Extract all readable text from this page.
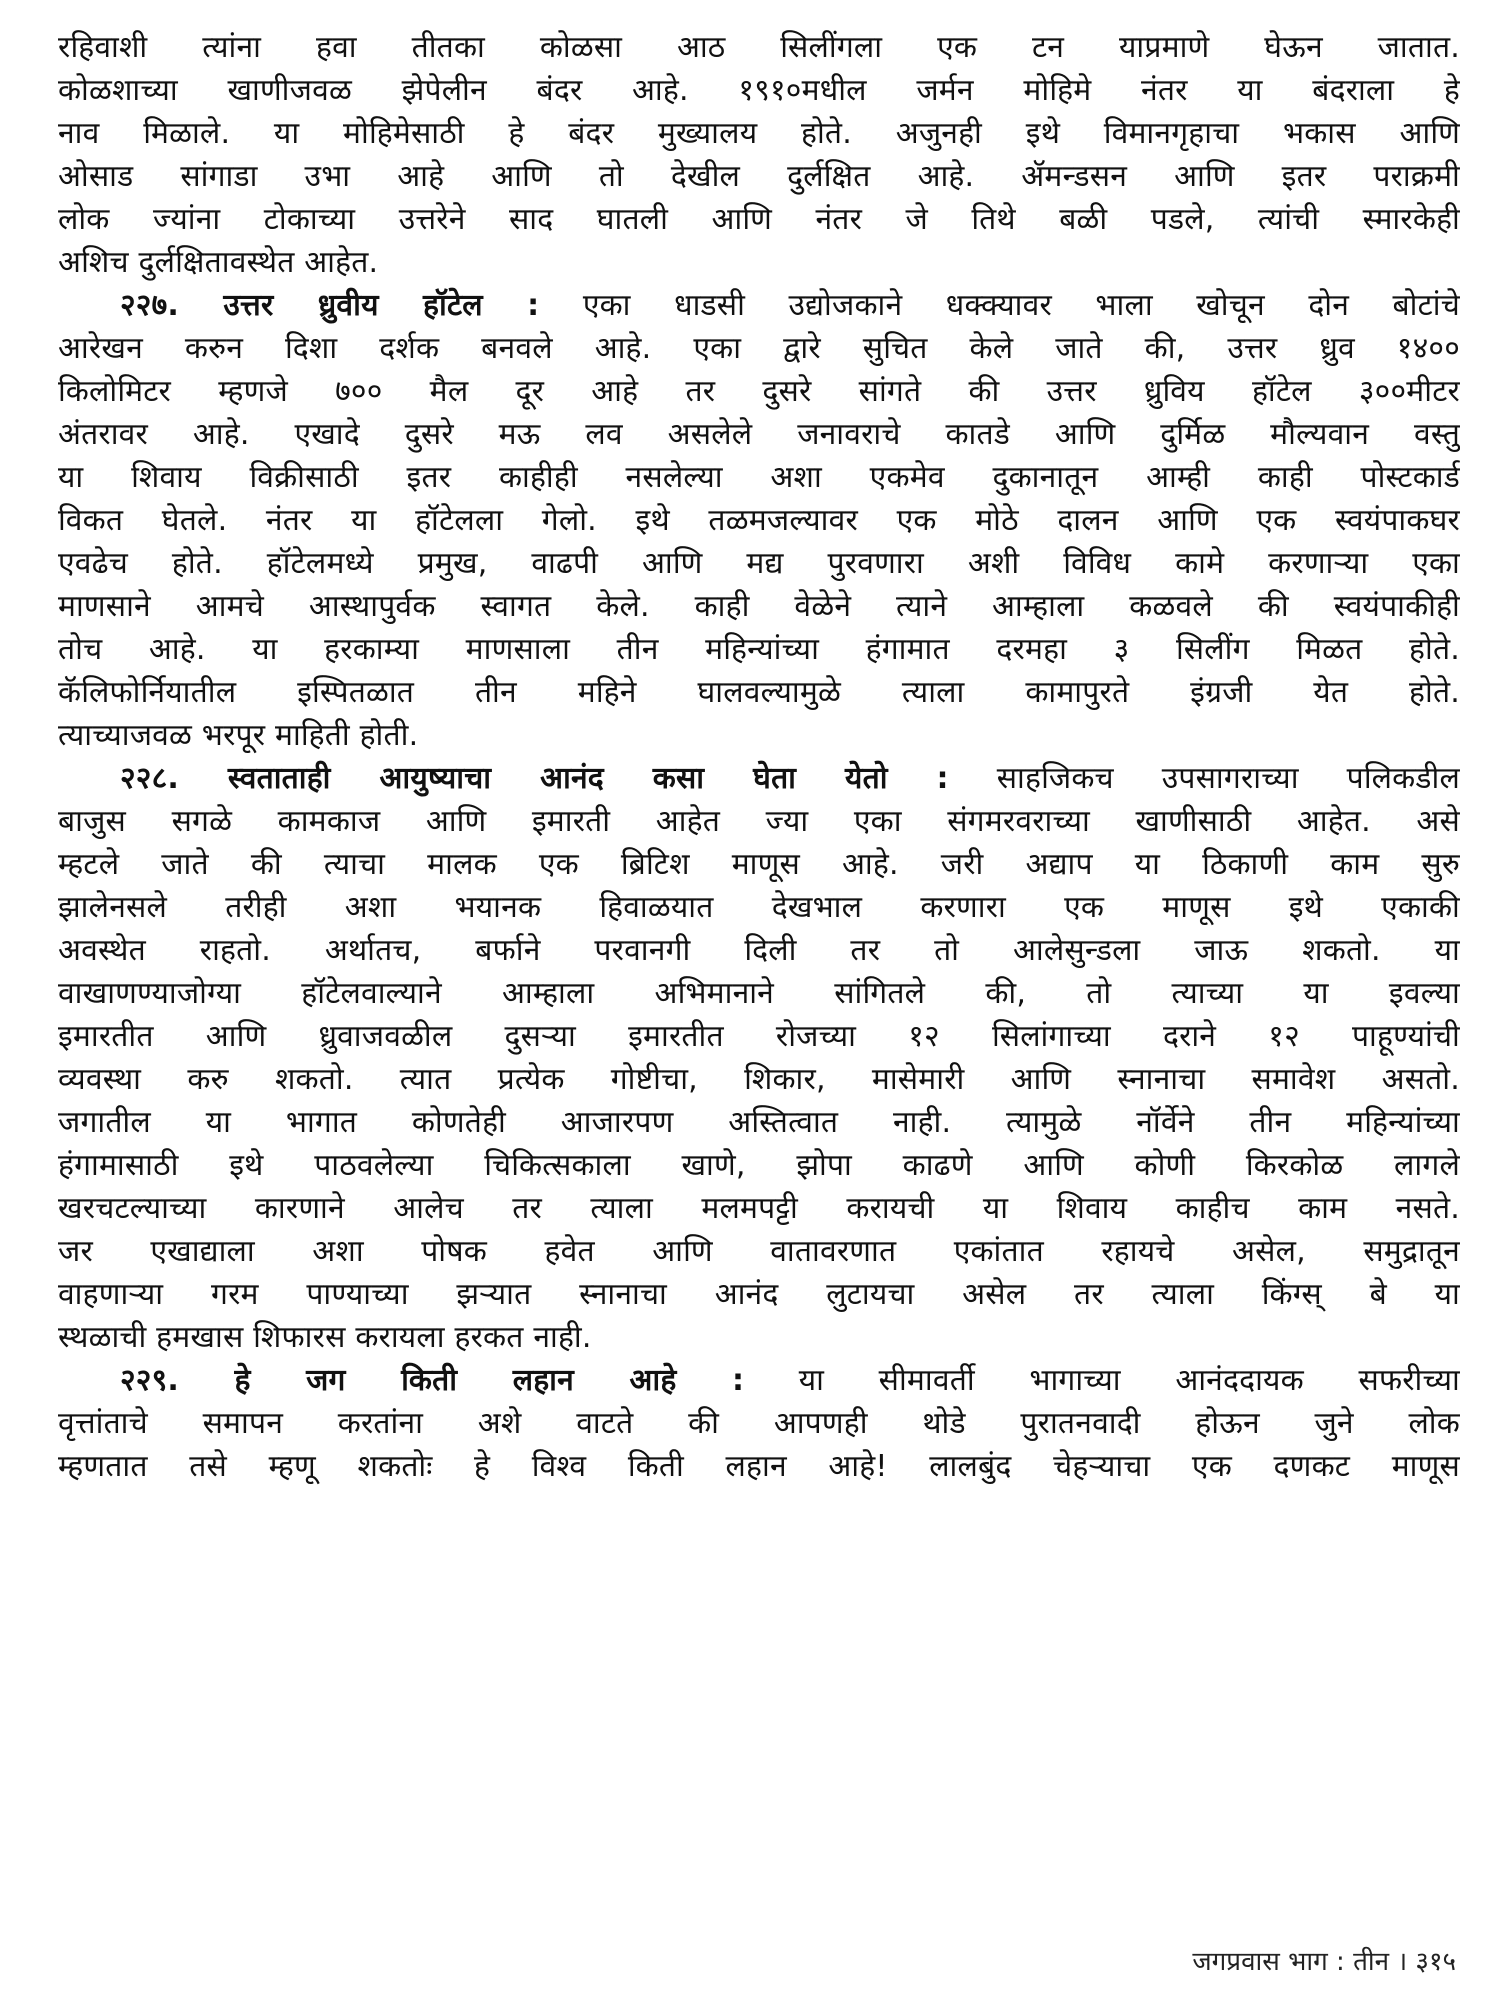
रहिवाशी त्यांना हवा तीतका कोळसा आठ सिलींगला एक टन याप्रमाणे घेऊन जातात.
कोळशाच्या खाणीजवळ झेपेलीन बंदर आहे. १९१०मधील जर्मन मोहिमे नंतर या बंदराला हे
नाव मिळाले. या मोहिमेसाठी हे बंदर मुख्यालय होते. अजुनही इथे विमानगृहाचा भकास आणि
ओसाड सांगाडा उभा आहे आणि तो देखील दुर्लक्षित आहे. ॲमन्डसन आणि इतर पराक्रमी
लोक ज्यांना टोकाच्या उत्तरेने साद घातली आणि नंतर जे तिथे बळी पडले, त्यांची स्मारकेही
अशिच दुर्लक्षितावस्थेत आहेत.
२२७. उत्तर ध्रुवीय हॉटेल : एका धाडसी उद्योजकाने धक्क्यावर भाला खोचून दोन बोटांचे
आरेखन करुन दिशा दर्शक बनवले आहे. एका द्वारे सुचित केले जाते की, उत्तर ध्रुव १४००
किलोमिटर म्हणजे ७०० मैल दूर आहे तर दुसरे सांगते की उत्तर ध्रुविय हॉटेल ३००मीटर
अंतरावर आहे. एखादे दुसरे मऊ लव असलेले जनावराचे कातडे आणि दुर्मिळ मौल्यवान वस्तु
या शिवाय विक्रीसाठी इतर काहीही नसलेल्या अशा एकमेव दुकानातून आम्ही काही पोस्टकार्ड
विकत घेतले. नंतर या हॉटेलला गेलो. इथे तळमजल्यावर एक मोठे दालन आणि एक स्वयंपाकघर
एवढेच होते. हॉटेलमध्ये प्रमुख, वाढपी आणि मद्य पुरवणारा अशी विविध कामे करणाऱ्या एका
माणसाने आमचे आस्थापुर्वक स्वागत केले. काही वेळेने त्याने आम्हाला कळवले की स्वयंपाकीही
तोच आहे. या हरकाम्या माणसाला तीन महिन्यांच्या हंगामात दरमहा ३ सिलींग मिळत होते.
कॅलिफोर्नियातील इस्पितळात तीन महिने घालवल्यामुळे त्याला कामापुरते इंग्रजी येत होते.
त्याच्याजवळ भरपूर माहिती होती.
२२८. स्वताताही आयुष्याचा आनंद कसा घेता येतो : साहजिकच उपसागराच्या पलिकडील
बाजुस सगळे कामकाज आणि इमारती आहेत ज्या एका संगमरवराच्या खाणीसाठी आहेत. असे
म्हटले जाते की त्याचा मालक एक ब्रिटिश माणूस आहे. जरी अद्याप या ठिकाणी काम सुरु
झालेनसले तरीही अशा भयानक हिवाळयात देखभाल करणारा एक माणूस इथे एकाकी
अवस्थेत राहतो. अर्थातच, बर्फाने परवानगी दिली तर तो आलेसुन्डला जाऊ शकतो. या
वाखाणण्याजोग्या हॉटेलवाल्याने आम्हाला अभिमानाने सांगितले की, तो त्याच्या या इवल्या
इमारतीत आणि ध्रुवाजवळील दुसऱ्या इमारतीत रोजच्या १२ सिलांगाच्या दराने १२ पाहूण्यांची
व्यवस्था करु शकतो. त्यात प्रत्येक गोष्टीचा, शिकार, मासेमारी आणि स्नानाचा समावेश असतो.
जगातील या भागात कोणतेही आजारपण अस्तित्वात नाही. त्यामुळे नॉर्वेने तीन महिन्यांच्या
हंगामासाठी इथे पाठवलेल्या चिकित्सकाला खाणे, झोपा काढणे आणि कोणी किरकोळ लागले
खरचटल्याच्या कारणाने आलेच तर त्याला मलमपट्टी करायची या शिवाय काहीच काम नसते.
जर एखाद्याला अशा पोषक हवेत आणि वातावरणात एकांतात रहायचे असेल, समुद्रातून
वाहणाऱ्या गरम पाण्याच्या झऱ्यात स्नानाचा आनंद लुटायचा असेल तर त्याला किंग्स् बे या
स्थळाची हमखास शिफारस करायला हरकत नाही.
२२९. हे जग किती लहान आहे : या सीमावर्ती भागाच्या आनंददायक सफरीच्या
वृत्तांताचे समापन करतांना अशे वाटते की आपणही थोडे पुरातनवादी होऊन जुने लोक
म्हणतात तसे म्हणू शकतोः हे विश्व किती लहान आहे! लालबुंद चेहऱ्याचा एक दणकट माणूस
जगप्रवास भाग : तीन । ३१५
